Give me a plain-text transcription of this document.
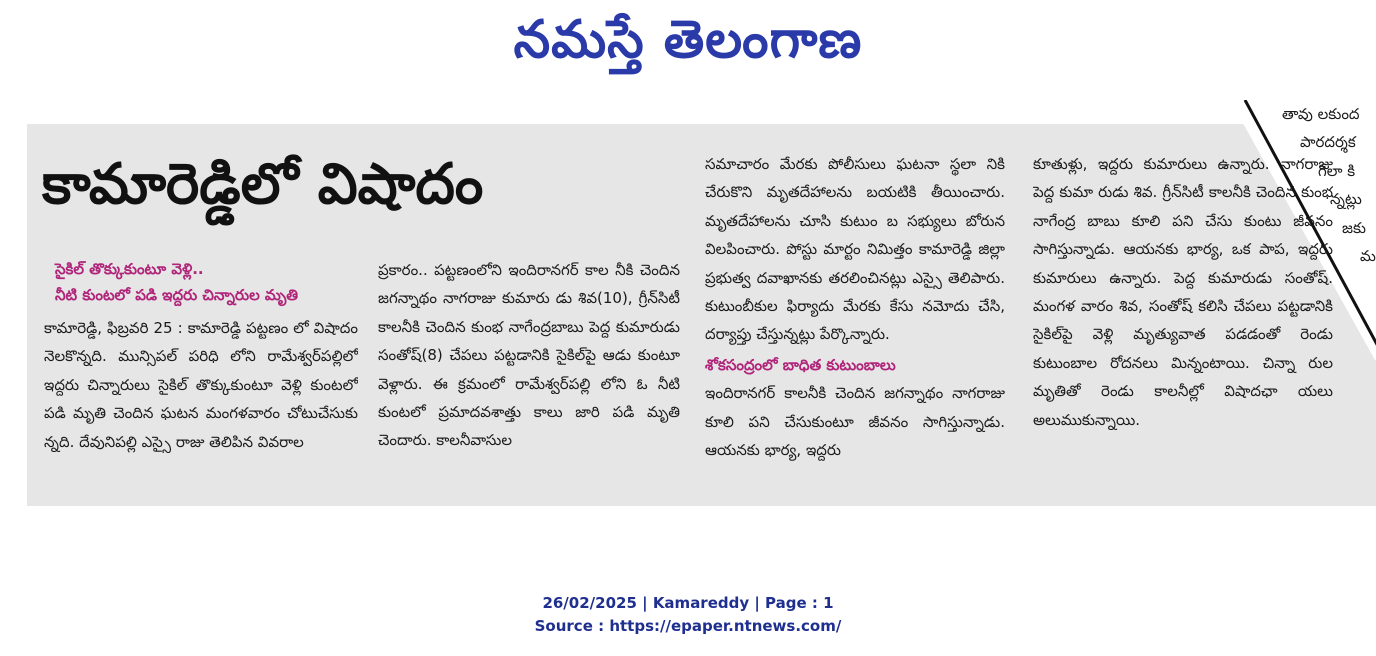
నమస్తే తెలంగాణ
తావు లకుంద
పారదర్శక
గేలా కి
న్నట్లు
జకు
మ
కామారెడ్డిలో విషాదం
సైకిల్ తొక్కుకుంటూ వెళ్లి..
నీటి కుంటలో పడి ఇద్దరు చిన్నారుల మృతి

కామారెడ్డి, ఫిబ్రవరి 25 : కామారెడ్డి పట్టణం లో విషాదం నెలకొన్నది. మున్సిపల్ పరిధి లోని రామేశ్వర్‌పల్లిలో ఇద్దరు చిన్నారులు సైకిల్ తొక్కుకుంటూ వెళ్లి కుంటలో పడి మృతి చెందిన ఘటన మంగళవారం చోటుచేసుకు న్నది. దేవునిపల్లి ఎస్సై రాజు తెలిపిన వివరాల

ప్రకారం.. పట్టణంలోని ఇందిరానగర్ కాల నీకి చెందిన జగన్నాథం నాగరాజు కుమారు డు శివ(10), గ్రీన్‌సిటీ కాలనీకి చెందిన కుంభ నాగేంద్రబాబు పెద్ద కుమారుడు సంతోష్(8) చేపలు పట్టడానికి సైకిల్‌పై ఆడు కుంటూ వెళ్లారు. ఈ క్రమంలో రామేశ్వర్‌పల్లి లోని ఓ నీటి కుంటలో ప్రమాదవశాత్తు కాలు జారి పడి మృతి చెందారు. కాలనీవాసుల

సమాచారం మేరకు పోలీసులు ఘటనా స్థలా నికి చేరుకొని మృతదేహాలను బయటికి తీయించారు. మృతదేహాలను చూసి కుటుం బ సభ్యులు బోరున విలపించారు. పోస్టు మార్టం నిమిత్తం కామారెడ్డి జిల్లా ప్రభుత్వ దవాఖానకు తరలించినట్లు ఎస్సై తెలిపారు. కుటుంబీకుల ఫిర్యాదు మేరకు కేసు నమోదు చేసి, దర్యాప్తు చేస్తున్నట్లు పేర్కొన్నారు.

శోకసంద్రంలో బాధిత కుటుంబాలు

ఇందిరానగర్ కాలనీకి చెందిన జగన్నాథం నాగరాజు కూలి పని చేసుకుంటూ జీవనం సాగిస్తున్నాడు. ఆయనకు భార్య, ఇద్దరు

కూతుళ్లు, ఇద్దరు కుమారులు ఉన్నారు. నాగరాజు పెద్ద కుమా రుడు శివ. గ్రీన్‌సిటీ కాలనీకి చెందిన కుంభ నాగేంద్ర బాబు కూలి పని చేసు కుంటు జీవనం సాగిస్తున్నాడు. ఆయనకు భార్య, ఒక పాప, ఇద్దరు కుమారులు ఉన్నారు. పెద్ద కుమారుడు సంతోష్. మంగళ వారం శివ, సంతోష్ కలిసి చేపలు పట్టడానికి సైకిల్‌పై వెళ్లి మృత్యువాత పడడంతో రెండు కుటుంబాల రోదనలు మిన్నంటాయి. చిన్నా రుల మృతితో రెండు కాలనీల్లో విషాదఛా యలు అలుముకున్నాయి.

26/02/2025 | Kamareddy | Page : 1
Source : https://epaper.ntnews.com/
